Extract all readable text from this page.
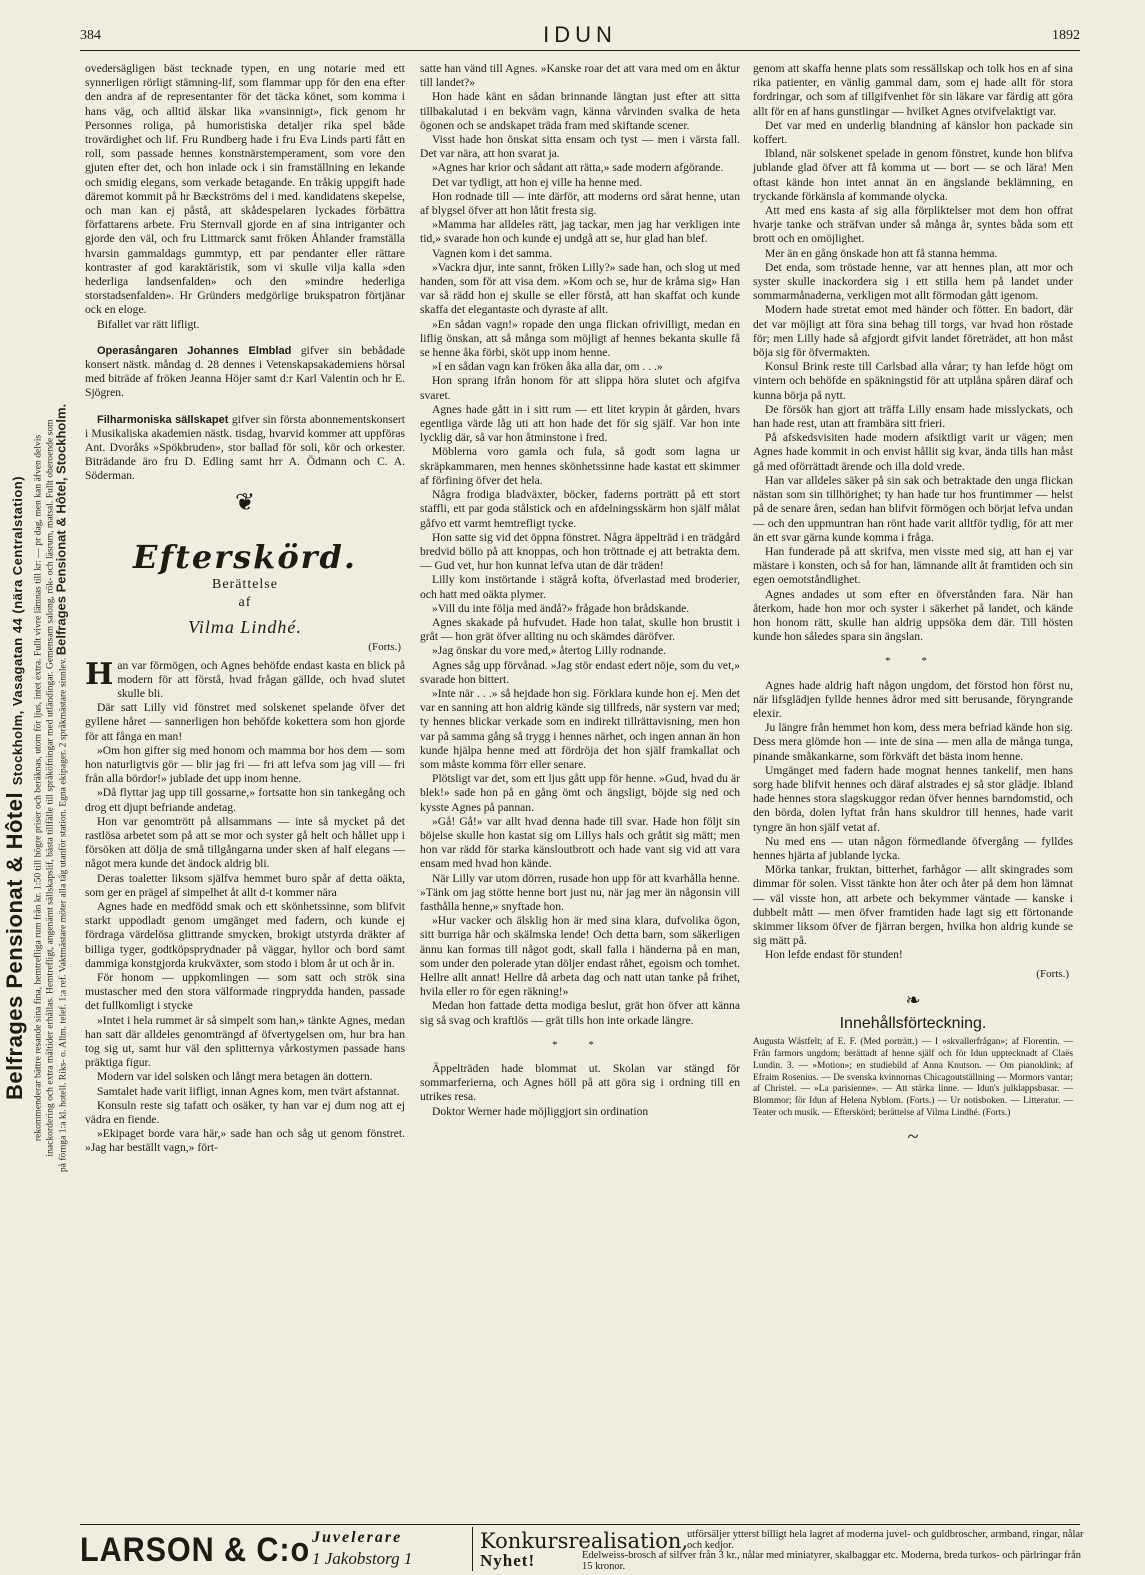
Belfrages Pensionat & Hôtel Stockholm, Vasagatan 44 (nära Centralstation) rekommenderar bättre resande sina fina, hemtrefliga rum från kr. 1:50 till högre priser och beräknas, utom för ljus, intet extra. Fullt vivre lämnas till kr: — pr dag, men kan äfven delvis inackordering och extra måltider erhållas. Hemtrefligt, angenämt sällskapslif, bästa tillfälle till språköfningar med utländingar. Gemensam salong, rök- och läsrum, matsal. Fullt oberoende som på förnga 1:a kl. hotell. Riks- o. Allm. telef. 1:a ref. Vaktmästare möter alla tåg utanför station. Egna ekipager. 2 språkmästare sinnlev. Belfrages Pensionat & Hôtel, Stockholm.
384	IDUN	1892

ovedersägligen bäst tecknade typen, en ung notarie med ett synnerligen rörligt stämning-lif, som flammar upp för den ena efter den andra af de representanter för det täcka könet, som komma i hans väg, och alltid älskar lika »vansinnigt», fick genom hr Personnes roliga, på humoristiska detaljer rika spel både trovärdighet och lif. Fru Rundberg hade i fru Eva Linds parti fått en roll, som passade hennes konstnärstemperament, som vore den gjuten efter det, och hon inlade ock i sin framställning en lekande och smidig elegans, som verkade betagande. En tråkig uppgift hade däremot kommit på hr Bæckströms del i med. kandidatens skepelse, och man kan ej påstå, att skådespelaren lyckades förbättra författarens arbete. Fru Sternvall gjorde en af sina intriganter och gjorde den väl, och fru Littmarck samt fröken Åhlander framställa hvarsin gammaldags gummtyp, ett par pendanter eller rättare kontraster af god karaktäristik, som vi skulle vilja kalla »den hederliga landsenfalden» och den »mindre hederliga storstadsenfalden». Hr Gründers medgörlige brukspatron förtjänar ock en eloge.

Bifallet var rätt lifligt.

Operasångaren Johannes Elmblad gifver sin bebådade konsert nästk. måndag d. 28 dennes i Vetenskapsakademiens hörsal med biträde af fröken Jeanna Höjer samt d:r Karl Valentin och hr E. Sjögren.

Filharmoniska sällskapet gifver sin första abonnementskonsert i Musikaliska akademien nästk. tisdag, hvarvid kommer att uppföras Ant. Dvoråks »Spökbruden», stor ballad för soli, kör och orkester. Biträdande äro fru D. Edling samt hrr A. Ödmann och C. A. Söderman.

❦
Efterskörd.
Berättelse
af
Vilma Lindhé.
(Forts.)

Han var förmögen, och Agnes behöfde endast kasta en blick på modern för att förstå, hvad frågan gällde, och hvad slutet skulle bli.

Där satt Lilly vid fönstret med solskenet spelande öfver det gyllene håret — sannerligen hon behöfde kokettera som hon gjorde för att fånga en man!

»Om hon gifter sig med honom och mamma bor hos dem — som hon naturligtvis gör — blir jag fri — fri att lefva som jag vill — fri från alla bördor!» jublade det upp inom henne.

»Då flyttar jag upp till gossarne,» fortsatte hon sin tankegång och drog ett djupt befriande andetag.

Hon var genomtrött på allsammans — inte så mycket på det rastlösa arbetet som på att se mor och syster gå helt och hållet upp i försöken att dölja de små tillgångarna under sken af half elegans — något mera kunde det ändock aldrig bli.

Deras toaletter liksom själfva hemmet buro spår af detta oäkta, som ger en prägel af simpelhet åt allt d-t kommer nära

Agnes hade en medfödd smak och ett skönhetssinne, som blifvit starkt uppodladt genom umgänget med fadern, och kunde ej fördraga värdelösa glittrande smycken, brokigt utstyrda dräkter af billiga tyger, godtköpsprydnader på väggar, hyllor och bord samt dammiga konstgjorda krukväxter, som stodo i blom år ut och år in.

För honom — uppkomlingen — som satt och strök sina mustascher med den stora välformade ringprydda handen, passade det fullkomligt i stycke

»Intet i hela rummet är så simpelt som han,» tänkte Agnes, medan han satt där alldeles genomträngd af öfvertygelsen om, hur bra han tog sig ut, samt hur väl den splitternya vårkostymen passade hans präktiga figur.

Modern var idel solsken och långt mera betagen än dottern.

Samtalet hade varit lifligt, innan Agnes kom, men tvärt afstannat.

Konsuln reste sig tafatt och osäker, ty han var ej dum nog att ej vädra en fiende.

»Ekipaget borde vara här,» sade han och såg ut genom fönstret. »Jag har beställt vagn,» fört-

satte han vänd till Agnes. »Kanske roar det att vara med om en åktur till landet?»

Hon hade känt en sådan brinnande längtan just efter att sitta tillbakalutad i en bekväm vagn, känna vårvinden svalka de heta ögonen och se andskapet träda fram med skiftande scener.

Visst hade hon önskat sitta ensam och tyst — men i värsta fall. Det var nära, att hon svarat ja.

»Agnes har krior och sådant att rätta,» sade modern afgörande.

Det var tydligt, att hon ej ville ha henne med.

Hon rodnade till — inte därför, att moderns ord sårat henne, utan af blygsel öfver att hon låtit fresta sig.

»Mamma har alldeles rätt, jag tackar, men jag har verkligen inte tid,» svarade hon och kunde ej undgå att se, hur glad han blef.

Vagnen kom i det samma.

»Vackra djur, inte sannt, fröken Lilly?» sade han, och slog ut med handen, som för att visa dem. »Kom och se, hur de kråma sig» Han var så rädd hon ej skulle se eller förstå, att han skaffat och kunde skaffa det elegantaste och dyraste af allt.

»En sådan vagn!» ropade den unga flickan ofrivilligt, medan en liflig önskan, att så många som möjligt af hennes bekanta skulle få se henne åka förbi, sköt upp inom henne.

»I en sådan vagn kan fröken åka alla dar, om . . .»

Hon sprang ifrån honom för att slippa höra slutet och afgifva svaret.

Agnes hade gått in i sitt rum — ett litet krypin åt gården, hvars egentliga värde låg uti att hon hade det för sig själf. Var hon inte lycklig där, så var hon åtminstone i fred.

Möblerna voro gamla och fula, så godt som lagna ur skräpkammaren, men hennes skönhetssinne hade kastat ett skimmer af förfining öfver det hela.

Några frodiga bladväxter, böcker, faderns porträtt på ett stort staffli, ett par goda stålstick och en afdelningsskärm hon själf målat gåfvo ett varmt hemtrefligt tycke.

Hon satte sig vid det öppna fönstret. Några äppelträd i en trädgård bredvid böllo på att knoppas, och hon tröttnade ej att betrakta dem. — Gud vet, hur hon kunnat lefva utan de där träden!

Lilly kom instörtande i stägrå kofta, öfverlastad med broderier, och hatt med oäkta plymer.

»Vill du inte följa med ändå?» frågade hon brådskande.

Agnes skakade på hufvudet. Hade hon talat, skulle hon brustit i gråt — hon grät öfver allting nu och skämdes däröfver.

»Jag önskar du vore med,» återtog Lilly rodnande.

Agnes såg upp förvånad. »Jag stör endast edert nöje, som du vet,» svarade hon bittert.

»Inte när . . .» så hejdade hon sig. Förklara kunde hon ej. Men det var en sanning att hon aldrig kände sig tillfreds, när systern var med; ty hennes blickar verkade som en indirekt tillrättavisning, men hon var på samma gång så trygg i hennes närhet, och ingen annan än hon kunde hjälpa henne med att fördröja det hon själf framkallat och som måste komma förr eller senare.

Plötsligt var det, som ett ljus gått upp för henne. »Gud, hvad du är blek!» sade hon på en gång ömt och ängsligt, böjde sig ned och kysste Agnes på pannan.

»Gå! Gå!» var allt hvad denna hade till svar. Hade hon följt sin böjelse skulle hon kastat sig om Lillys hals och gråtit sig mätt; men hon var rädd för starka känsloutbrott och hade vant sig vid att vara ensam med hvad hon kände.

När Lilly var utom dörren, rusade hon upp för att kvarhålla henne. »Tänk om jag stötte henne bort just nu, när jag mer än någonsin vill fasthålla henne,» snyftade hon.

»Hur vacker och älsklig hon är med sina klara, dufvolika ögon, sitt burriga hår och skälmska lende! Och detta barn, som säkerligen ännu kan formas till något godt, skall falla i händerna på en man, som under den polerade ytan döljer endast råhet, egoism och tomhet. Hellre allt annat! Hellre då arbeta dag och natt utan tanke på frihet, hvila eller ro för egen räkning!»

Medan hon fattade detta modiga beslut, grät hon öfver att känna sig så svag och kraftlös — grät tills hon inte orkade längre.

* *

Äppelträden hade blommat ut. Skolan var stängd för sommarferierna, och Agnes höll på att göra sig i ordning till en utrikes resa.

Doktor Werner hade möjliggjort sin ordination

genom att skaffa henne plats som ressällskap och tolk hos en af sina rika patienter, en vänlig gammal dam, som ej hade allt för stora fordringar, och som af tillgifvenhet för sin läkare var färdig att göra allt för en af hans gunstlingar — hvilket Agnes otvifvelaktigt var.

Det var med en underlig blandning af känslor hon packade sin koffert.

Ibland, när solskenet spelade in genom fönstret, kunde hon blifva jublande glad öfver att få komma ut — bort — se och lära! Men oftast kände hon intet annat än en ängslande beklämning, en tryckande förkänsla af kommande olycka.

Att med ens kasta af sig alla förpliktelser mot dem hon offrat hvarje tanke och sträfvan under så många år, syntes båda som ett brott och en omöjlighet.

Mer än en gång önskade hon att få stanna hemma.

Det enda, som tröstade henne, var att hennes plan, att mor och syster skulle inackordera sig i ett stilla hem på landet under sommarmånaderna, verkligen mot allt förmodan gått igenom.

Modern hade stretat emot med händer och fötter. En badort, där det var möjligt att föra sina behag till torgs, var hvad hon röstade för; men Lilly hade så afgjordt gifvit landet företrädet, att hon måst böja sig för öfvermakten.

Konsul Brink reste till Carlsbad alla vårar; ty han lefde högt om vintern och behöfde en späkningstid för att utplåna spåren däraf och kunna börja på nytt.

De försök han gjort att träffa Lilly ensam hade misslyckats, och han hade rest, utan att frambära sitt frieri.

På afskedsvisiten hade modern afsiktligt varit ur vägen; men Agnes hade kommit in och envist hållit sig kvar, ända tills han måst gå med oförrättadt ärende och illa dold vrede.

Han var alldeles säker på sin sak och betraktade den unga flickan nästan som sin tillhörighet; ty han hade tur hos fruntimmer — helst på de senare åren, sedan han blifvit förmögen och börjat lefva undan — och den uppmuntran han rönt hade varit alltför tydlig, för att mer än ett svar gärna kunde komma i fråga.

Han funderade på att skrifva, men visste med sig, att han ej var mästare i konsten, och så for han, lämnande allt åt framtiden och sin egen oemotståndlighet.

Agnes andades ut som efter en öfverstånden fara. När han återkom, hade hon mor och syster i säkerhet på landet, och kände hon honom rätt, skulle han aldrig uppsöka dem där. Till hösten kunde hon således spara sin ängslan.

* *

Agnes hade aldrig haft någon ungdom, det förstod hon först nu, när lifsglädjen fyllde hennes ådror med sitt berusande, föryngrande elexir.

Ju längre från hemmet hon kom, dess mera befriad kände hon sig. Dess mera glömde hon — inte de sina — men alla de många tunga, pinande småkankarne, som förkväft det bästa inom henne.

Umgänget med fadern hade mognat hennes tankelif, men hans sorg hade blifvit hennes och däraf alstrades ej så stor glädje. Ibland hade hennes stora slagskuggor redan öfver hennes barndomstid, och den börda, dolen lyftat från hans skuldror till hennes, hade varit tyngre än hon själf vetat af.

Nu med ens — utan någon förmedlande öfvergång — fylldes hennes hjärta af jublande lycka.

Mörka tankar, fruktan, bitterhet, farhågor — allt skingrades som dimmar för solen. Visst tänkte hon åter och åter på dem hon lämnat — väl visste hon, att arbete och bekymmer väntade — kanske i dubbelt mått — men öfver framtiden hade lagt sig ett förtonande skimmer liksom öfver de fjärran bergen, hvilka hon aldrig kunde se sig mätt på.

Hon lefde endast för stunden!

(Forts.)
❧
Innehållsförteckning.
Augusta Wästfelt; af E. F. (Med porträtt.) — I »skvallerfrågan»; af Florentin. — Från farmors ungdom; berättadt af henne själf och för Idun upptecknadt af Claës Lundin. 3. — »Motion»; en studiebild af Anna Knutson. — Om pianoklink; af Efraim Rosenius. — De svenska kvinnornas Chicagoutställning — Mormors vantar; af Christel. — »La parisienne». — Att stärka linne. — Idun's julklappsbasar. — Blommor; för Idun af Helena Nyblom. (Forts.) — Ur notisboken. — Litteratur. — Teater och musik. — Efterskörd; berättelse af Vilma Lindhé. (Forts.)
~
LARSON & C:o Juvelerare
1 Jakobstorg 1
Konkursrealisation,
Nyhet!
utförsäljer ytterst billigt hela lagret af moderna juvel- och guldbroscher, armband, ringar, nålar och kedjor.
Edelweiss-brosch af silfver från 3 kr., nålar med miniatyrer, skalbaggar etc. Moderna, breda turkos- och pärlringar från 15 kronor.
